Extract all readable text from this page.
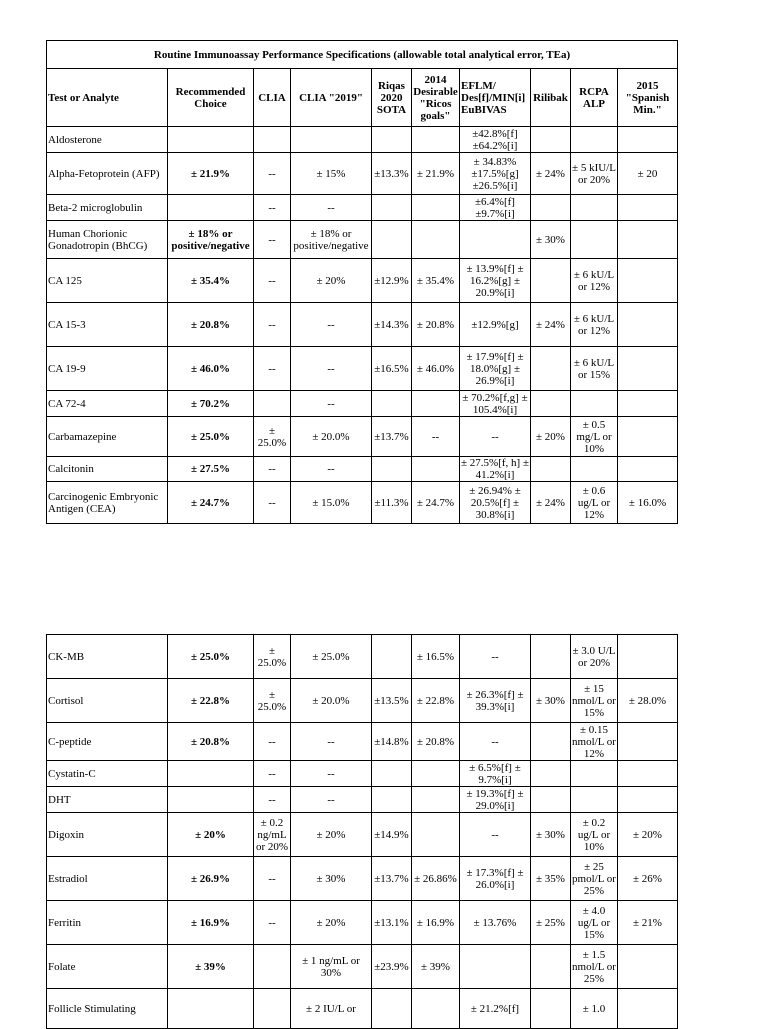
Routine Immunoassay Performance Specifications (allowable total analytical error, TEa)									
Test or Analyte	Recommended Choice	CLIA	CLIA "2019"	Riqas 2020 SOTA	2014 Desirable "Ricos goals"	EFLM/ Des[f]/MIN[i] EuBIVAS	Rilibak	RCPA ALP	2015 "Spanish Min."
Aldosterone						±42.8%[f] ±64.2%[i]			
Alpha-Fetoprotein (AFP)	± 21.9%	--	± 15%	±13.3%	± 21.9%	± 34.83% ±17.5%[g] ±26.5%[i]	± 24%	± 5 kIU/L or 20%	± 20
Beta-2 microglobulin		--	--			±6.4%[f] ±9.7%[i]			
Human Chorionic Gonadotropin (BhCG)	± 18% or positive/negative	--	± 18% or positive/negative				± 30%		
CA 125	± 35.4%	--	± 20%	±12.9%	± 35.4%	± 13.9%[f] ± 16.2%[g] ± 20.9%[i]		± 6 kU/L or 12%	
CA 15-3	± 20.8%	--	--	±14.3%	± 20.8%	±12.9%[g]	± 24%	± 6 kU/L or 12%	
CA 19-9	± 46.0%	--	--	±16.5%	± 46.0%	± 17.9%[f] ± 18.0%[g] ± 26.9%[i]		± 6 kU/L or 15%	
CA 72-4	± 70.2%		--			± 70.2%[f,g] ± 105.4%[i]			
Carbamazepine	± 25.0%	± 25.0%	± 20.0%	±13.7%	--	--	± 20%	± 0.5 mg/L or 10%	
Calcitonin	± 27.5%	--	--			± 27.5%[f, h] ± 41.2%[i]			
Carcinogenic Embryonic Antigen (CEA)	± 24.7%	--	± 15.0%	±11.3%	± 24.7%	± 26.94% ± 20.5%[f] ± 30.8%[i]	± 24%	± 0.6 ug/L or 12%	± 16.0%
CK-MB	± 25.0%	± 25.0%	± 25.0%		± 16.5%	--		± 3.0 U/L or 20%	
Cortisol	± 22.8%	± 25.0%	± 20.0%	±13.5%	± 22.8%	± 26.3%[f] ± 39.3%[i]	± 30%	± 15 nmol/L or 15%	± 28.0%
C-peptide	± 20.8%	--	--	±14.8%	± 20.8%	--		± 0.15 nmol/L or 12%	
Cystatin-C		--	--			± 6.5%[f] ± 9.7%[i]			
DHT		--	--			± 19.3%[f] ± 29.0%[i]			
Digoxin	± 20%	± 0.2 ng/mL or 20%	± 20%	±14.9%		--	± 30%	± 0.2 ug/L or 10%	± 20%
Estradiol	± 26.9%	--	± 30%	±13.7%	± 26.86%	± 17.3%[f] ± 26.0%[i]	± 35%	± 25 pmol/L or 25%	± 26%
Ferritin	± 16.9%	--	± 20%	±13.1%	± 16.9%	± 13.76%	± 25%	± 4.0 ug/L or 15%	± 21%
Folate	± 39%		± 1 ng/mL or 30%	±23.9%	± 39%			± 1.5 nmol/L or 25%	
Follicle Stimulating			± 2 IU/L or			± 21.2%[f]		± 1.0	
